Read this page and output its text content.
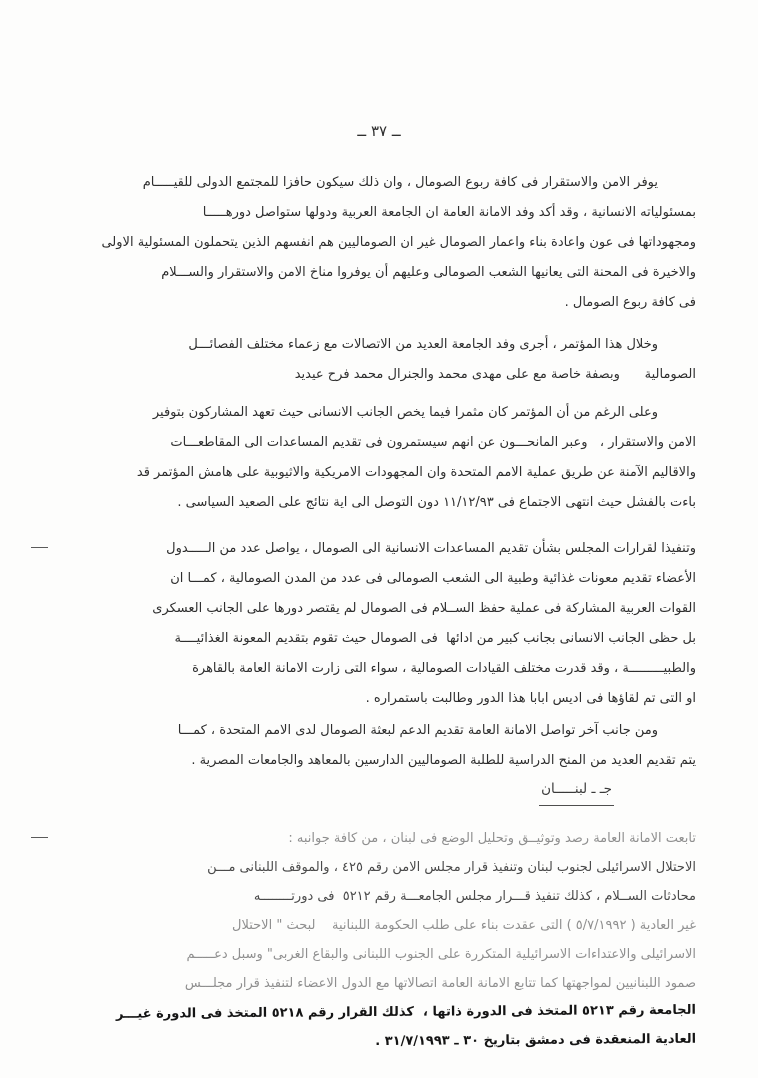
ــ ٣٧ ــ
يوفر الامن والاستقرار فى كافة ربوع الصومال ، وان ذلك سيكون حافزا للمجتمع الدولى للقيـــــام
بمسئولياته الانسانية ، وقد أكد وفد الامانة العامة ان الجامعة العربية ودولها ستواصل دورهـــــا
ومجهوداتها فى عون واعادة بناء واعمار الصومال غير ان الصوماليين هم انفسهم الذين يتحملون المسئولية الاولى
والاخيرة فى المحنة التى يعانيها الشعب الصومالى وعليهم أن يوفروا مناخ الامن والاستقرار والســـلام
فى كافة ربوع الصومال .
وخلال هذا المؤتمر ، أجرى وفد الجامعة العديد من الاتصالات مع زعماء مختلف الفصائـــل
الصومالية      وبصفة خاصة مع على مهدى محمد والجنرال محمد فرح عيديد
وعلى الرغم من أن المؤتمر كان مثمرا فيما يخص الجانب الانسانى حيث تعهد المشاركون بتوفير
الامن والاستقرار ،   وعبر المانحـــون عن انهم سيستمرون فى تقديم المساعدات الى المقاطعـــات
والاقاليم الآمنة عن طريق عملية الامم المتحدة وان المجهودات الامريكية والاثيوبية على هامش المؤتمر قد
باءت بالفشل حيث انتهى الاجتماع فى ١١/١٢/٩٣ دون التوصل الى اية نتائج على الصعيد السياسى .
وتنفيذا لقرارات المجلس بشأن تقديم المساعدات الانسانية الى الصومال ، يواصل عدد من الـــــدول
الأعضاء تقديم معونات غذائية وطبية الى الشعب الصومالى فى عدد من المدن الصومالية ، كمـــا ان
القوات العربية المشاركة فى عملية حفظ الســلام فى الصومال لم يقتصر دورها على الجانب العسكرى
بل حظى الجانب الانسانى بجانب كبير من ادائها  فى الصومال حيث تقوم بتقديم المعونة الغذائيــــة
والطبيـــــــــة ، وقد قدرت مختلف القيادات الصومالية ، سواء التى زارت الامانة العامة بالقاهرة
او التى تم لقاؤها فى اديس ابابا هذا الدور وطالبت باستمراره .
ومن جانب آخر تواصل الامانة العامة تقديم الدعم لبعثة الصومال لدى الامم المتحدة ، كمـــا
يتم تقديم العديد من المنح الدراسية للطلبة الصوماليين الدارسين بالمعاهد والجامعات المصرية .
جـ ـ لبنـــــان
تابعت الامانة العامة رصد وتوثيــق وتحليل الوضع فى لبنان ، من كافة جوانبه :
الاحتلال الاسرائيلى لجنوب لبنان وتنفيذ قرار مجلس الامن رقم ٤٢٥ ، والموقف اللبنانى مـــن
محادثات الســلام ، كذلك تنفيذ قـــرار مجلس الجامعـــة رقم ٥٢١٢  فى دورتــــــــه
غير العادية ( ٥/٧/١٩٩٢ ) التى عقدت بناء على طلب الحكومة اللبنانية    لبحث " الاحتلال
الاسرائيلى والاعتداءات الاسرائيلية المتكررة على الجنوب اللبنانى والبقاع الغربى" وسبل دعـــــم
صمود اللبنانيين لمواجهتها كما تتابع الامانة العامة اتصالاتها مع الدول الاعضاء لتنفيذ قرار مجلـــس
الجامعة رقم ٥٢١٣ المتخذ فى الدورة ذاتها ،  كذلك القرار رقم ٥٢١٨ المتخذ فى الدورة غيـــر
العادية المنعقدة فى دمشق بتاريخ ٣٠ ـ ٣١/٧/١٩٩٣ .
